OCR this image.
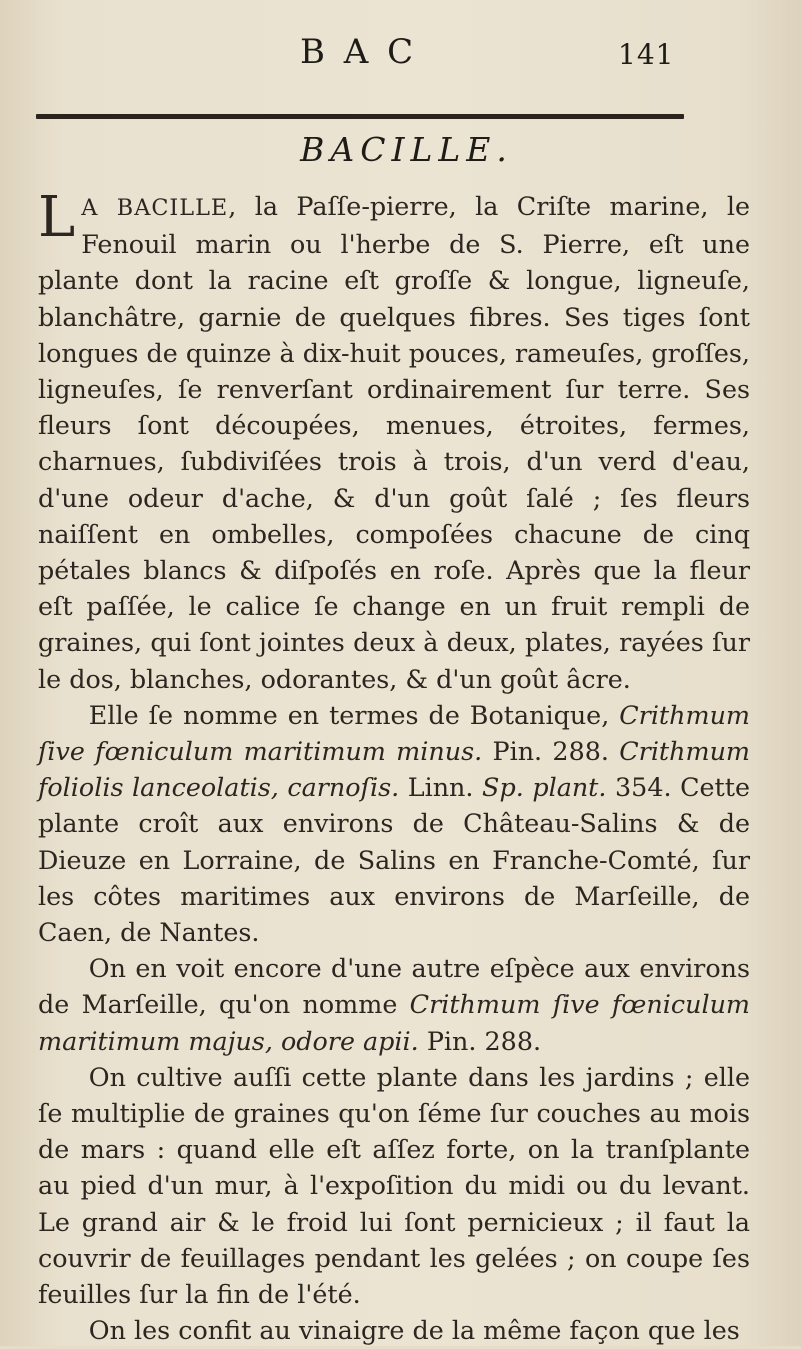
B A C	141
BACILLE.

L A BACILLE, la Paſſe-pierre, la Criſte marine, le Fenouil marin ou l'herbe de S. Pierre, eſt une plante dont la racine eſt groſſe & longue, ligneuſe, blanchâtre, garnie de quelques fibres. Ses tiges ſont longues de quinze à dix-huit pouces, rameuſes, groſſes, ligneuſes, ſe renverſant ordinairement ſur terre. Ses fleurs ſont découpées, menues, étroites, fermes, charnues, ſubdiviſées trois à trois, d'un verd d'eau, d'une odeur d'ache, & d'un goût ſalé ; ſes fleurs naiſſent en ombelles, compoſées chacune de cinq pétales blancs & diſpoſés en roſe. Après que la fleur eſt paſſée, le calice ſe change en un fruit rempli de graines, qui ſont jointes deux à deux, plates, rayées ſur le dos, blanches, odorantes, & d'un goût âcre.

Elle ſe nomme en termes de Botanique, Crithmum ſive fœniculum maritimum minus. Pin. 288. Crithmum foliolis lanceolatis, carnoſis. Linn. Sp. plant. 354. Cette plante croît aux environs de Château-Salins & de Dieuze en Lorraine, de Salins en Franche-Comté, ſur les côtes maritimes aux environs de Marſeille, de Caen, de Nantes.

On en voit encore d'une autre eſpèce aux environs de Marſeille, qu'on nomme Crithmum ſive fœniculum maritimum majus, odore apii. Pin. 288.

On cultive auſſi cette plante dans les jardins ; elle ſe multiplie de graines qu'on ſéme ſur couches au mois de mars : quand elle eſt aſſez forte, on la tranſplante au pied d'un mur, à l'expoſition du midi ou du levant. Le grand air & le froid lui ſont pernicieux ; il faut la couvrir de feuillages pendant les gelées ; on coupe ſes feuilles ſur la fin de l'été.

On les confit au vinaigre de la même façon que les
